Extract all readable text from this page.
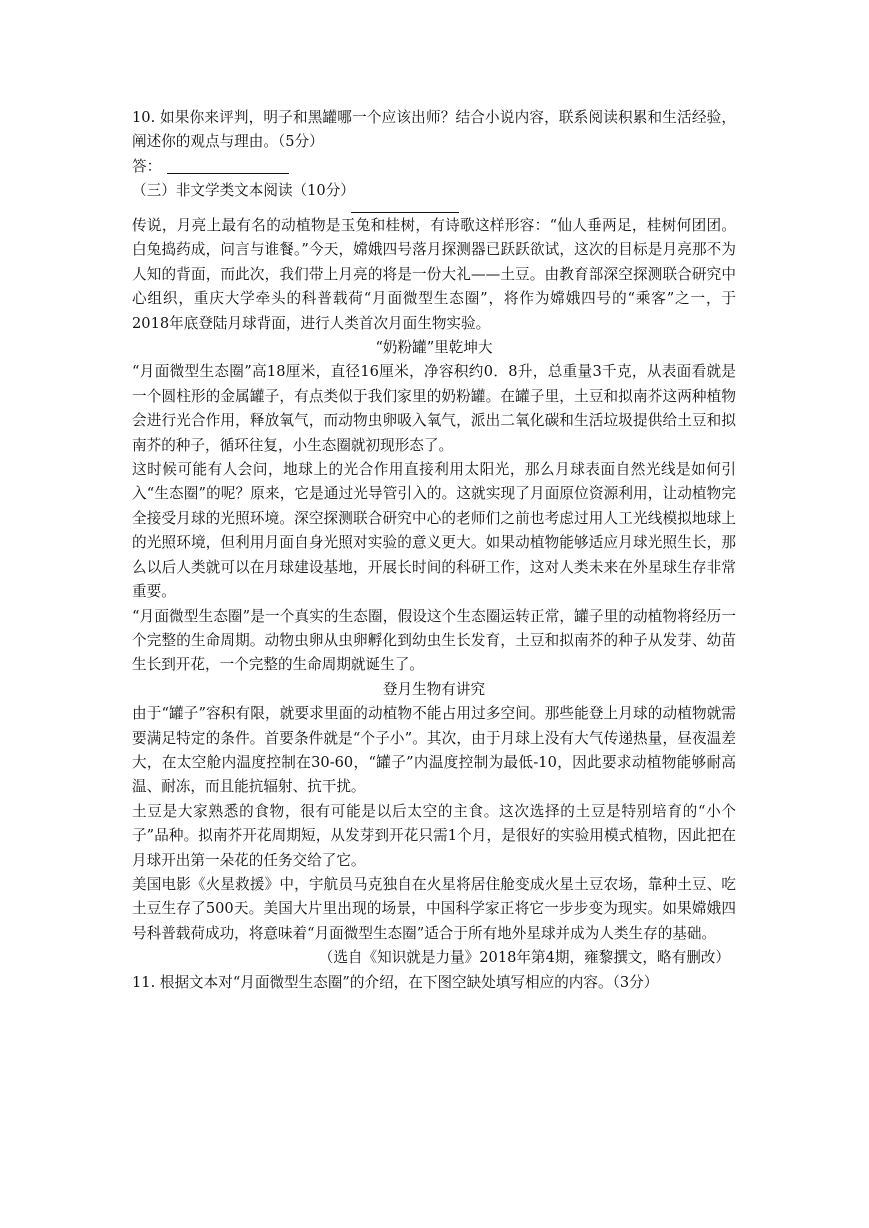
10. 如果你来评判，明子和黑罐哪一个应该出师？结合小说内容，联系阅读积累和生活经验，阐述你的观点与理由。（5分）

答：

（三）非文学类文本阅读（10分）

传说，月亮上最有名的动植物是玉兔和桂树，有诗歌这样形容：“仙人垂两足，桂树何团团。白兔捣药成，问言与谁餐。”今天，嫦娥四号落月探测器已跃跃欲试，这次的目标是月亮那不为人知的背面，而此次，我们带上月亮的将是一份大礼——土豆。由教育部深空探测联合研究中心组织，重庆大学牵头的科普载荷“月面微型生态圈”，将作为嫦娥四号的“乘客”之一，于2018年底登陆月球背面，进行人类首次月面生物实验。

“奶粉罐”里乾坤大

“月面微型生态圈”高18厘米，直径16厘米，净容积约0．8升，总重量3千克，从表面看就是一个圆柱形的金属罐子，有点类似于我们家里的奶粉罐。在罐子里，土豆和拟南芥这两种植物会进行光合作用，释放氧气，而动物虫卵吸入氧气，派出二氧化碳和生活垃圾提供给土豆和拟南芥的种子，循环往复，小生态圈就初现形态了。

这时候可能有人会问，地球上的光合作用直接利用太阳光，那么月球表面自然光线是如何引入“生态圈”的呢？原来，它是通过光导管引入的。这就实现了月面原位资源利用，让动植物完全接受月球的光照环境。深空探测联合研究中心的老师们之前也考虑过用人工光线模拟地球上的光照环境，但利用月面自身光照对实验的意义更大。如果动植物能够适应月球光照生长，那么以后人类就可以在月球建设基地，开展长时间的科研工作，这对人类未来在外星球生存非常重要。

“月面微型生态圈”是一个真实的生态圈，假设这个生态圈运转正常，罐子里的动植物将经历一个完整的生命周期。动物虫卵从虫卵孵化到幼虫生长发育，土豆和拟南芥的种子从发芽、幼苗生长到开花，一个完整的生命周期就诞生了。

登月生物有讲究

由于“罐子”容积有限，就要求里面的动植物不能占用过多空间。那些能登上月球的动植物就需要满足特定的条件。首要条件就是“个子小”。其次，由于月球上没有大气传递热量，昼夜温差大，在太空舱内温度控制在30-60，“罐子”内温度控制为最低-10，因此要求动植物能够耐高温、耐冻，而且能抗辐射、抗干扰。

土豆是大家熟悉的食物，很有可能是以后太空的主食。这次选择的土豆是特别培育的“小个子”品种。拟南芥开花周期短，从发芽到开花只需1个月，是很好的实验用模式植物，因此把在月球开出第一朵花的任务交给了它。

美国电影《火星救援》中，宇航员马克独自在火星将居住舱变成火星土豆农场，靠种土豆、吃土豆生存了500天。美国大片里出现的场景，中国科学家正将它一步步变为现实。如果嫦娥四号科普载荷成功，将意味着“月面微型生态圈”适合于所有地外星球并成为人类生存的基础。

（选自《知识就是力量》2018年第4期，雍黎撰文，略有删改）

11. 根据文本对“月面微型生态圈”的介绍，在下图空缺处填写相应的内容。（3分）
